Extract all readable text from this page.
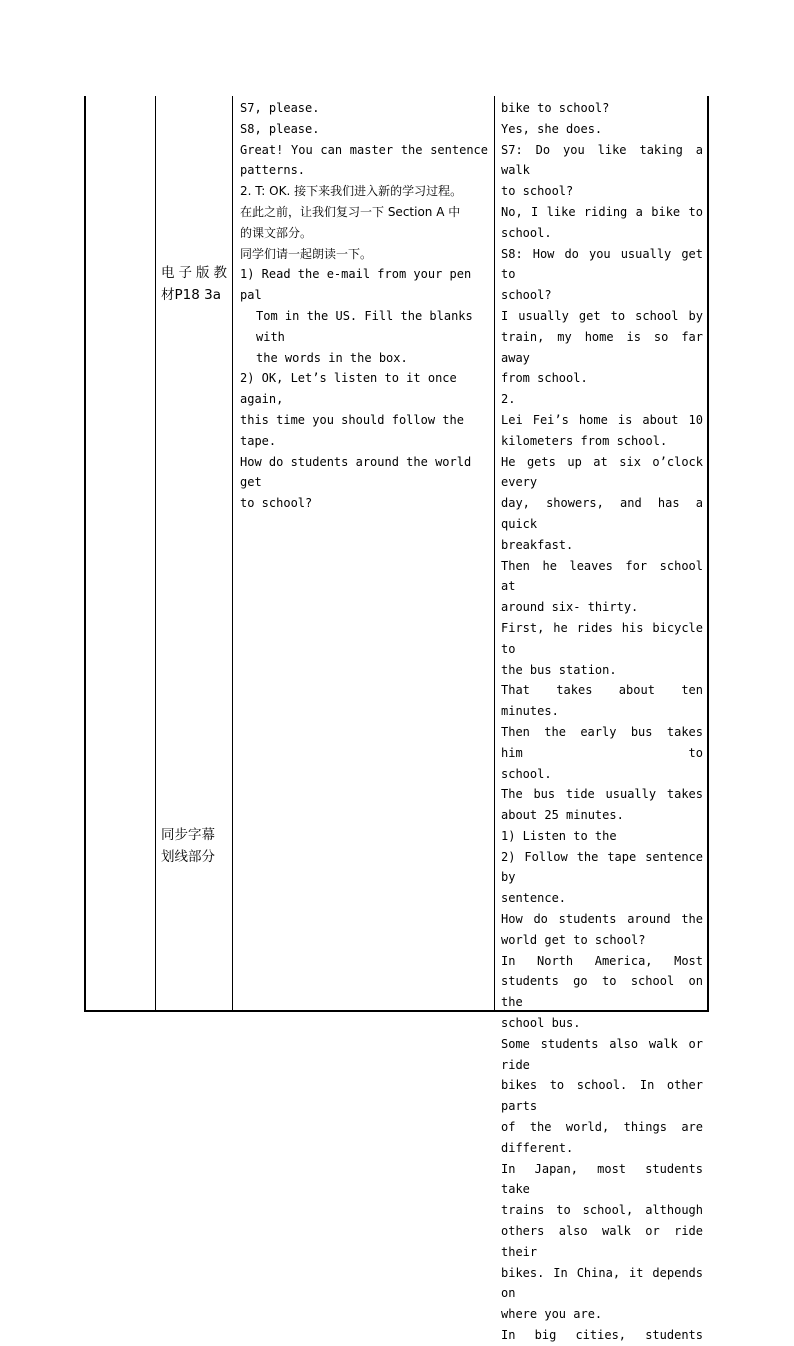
电子版教

材P18 3a

同步字幕

划线部分

S7, please.

S8, please.

Great! You can master the sentence

patterns.

2. T: OK. 接下来我们进入新的学习过程。

在此之前，让我们复习一下 Section A 中

的课文部分。

同学们请一起朗读一下。

1) Read the e-mail from your pen pal

Tom in the US. Fill the blanks with

the words in the box.

2) OK, Let’s listen to it once again,

this time you should follow the tape.

How do students around the world get

to school?

bike to school?

Yes, she does.

S7: Do you like taking a walk

to school?

No, I like riding a bike to

school.

S8: How do you usually get to

school?

I usually get to school by

train, my home is so far away

from school.

2.

Lei Fei’s home is about 10

kilometers from school.

He gets up at six o’clock every

day, showers, and has a quick

breakfast.

Then he leaves for school at

around six- thirty.

First, he rides his bicycle to

the bus station.

That takes about ten minutes.

Then the early bus takes him to

school.

The bus tide usually takes

about 25 minutes.

1) Listen to the

2) Follow the tape sentence by

sentence.

How do students around the

world get to school?

In North America, Most

students go to school on the

school bus.

Some students also walk or ride

bikes to school. In other parts

of the world, things are

different.

In Japan, most students take

trains to school, although

others also walk or ride their

bikes. In China, it depends on

where you are.

In big cities, students
